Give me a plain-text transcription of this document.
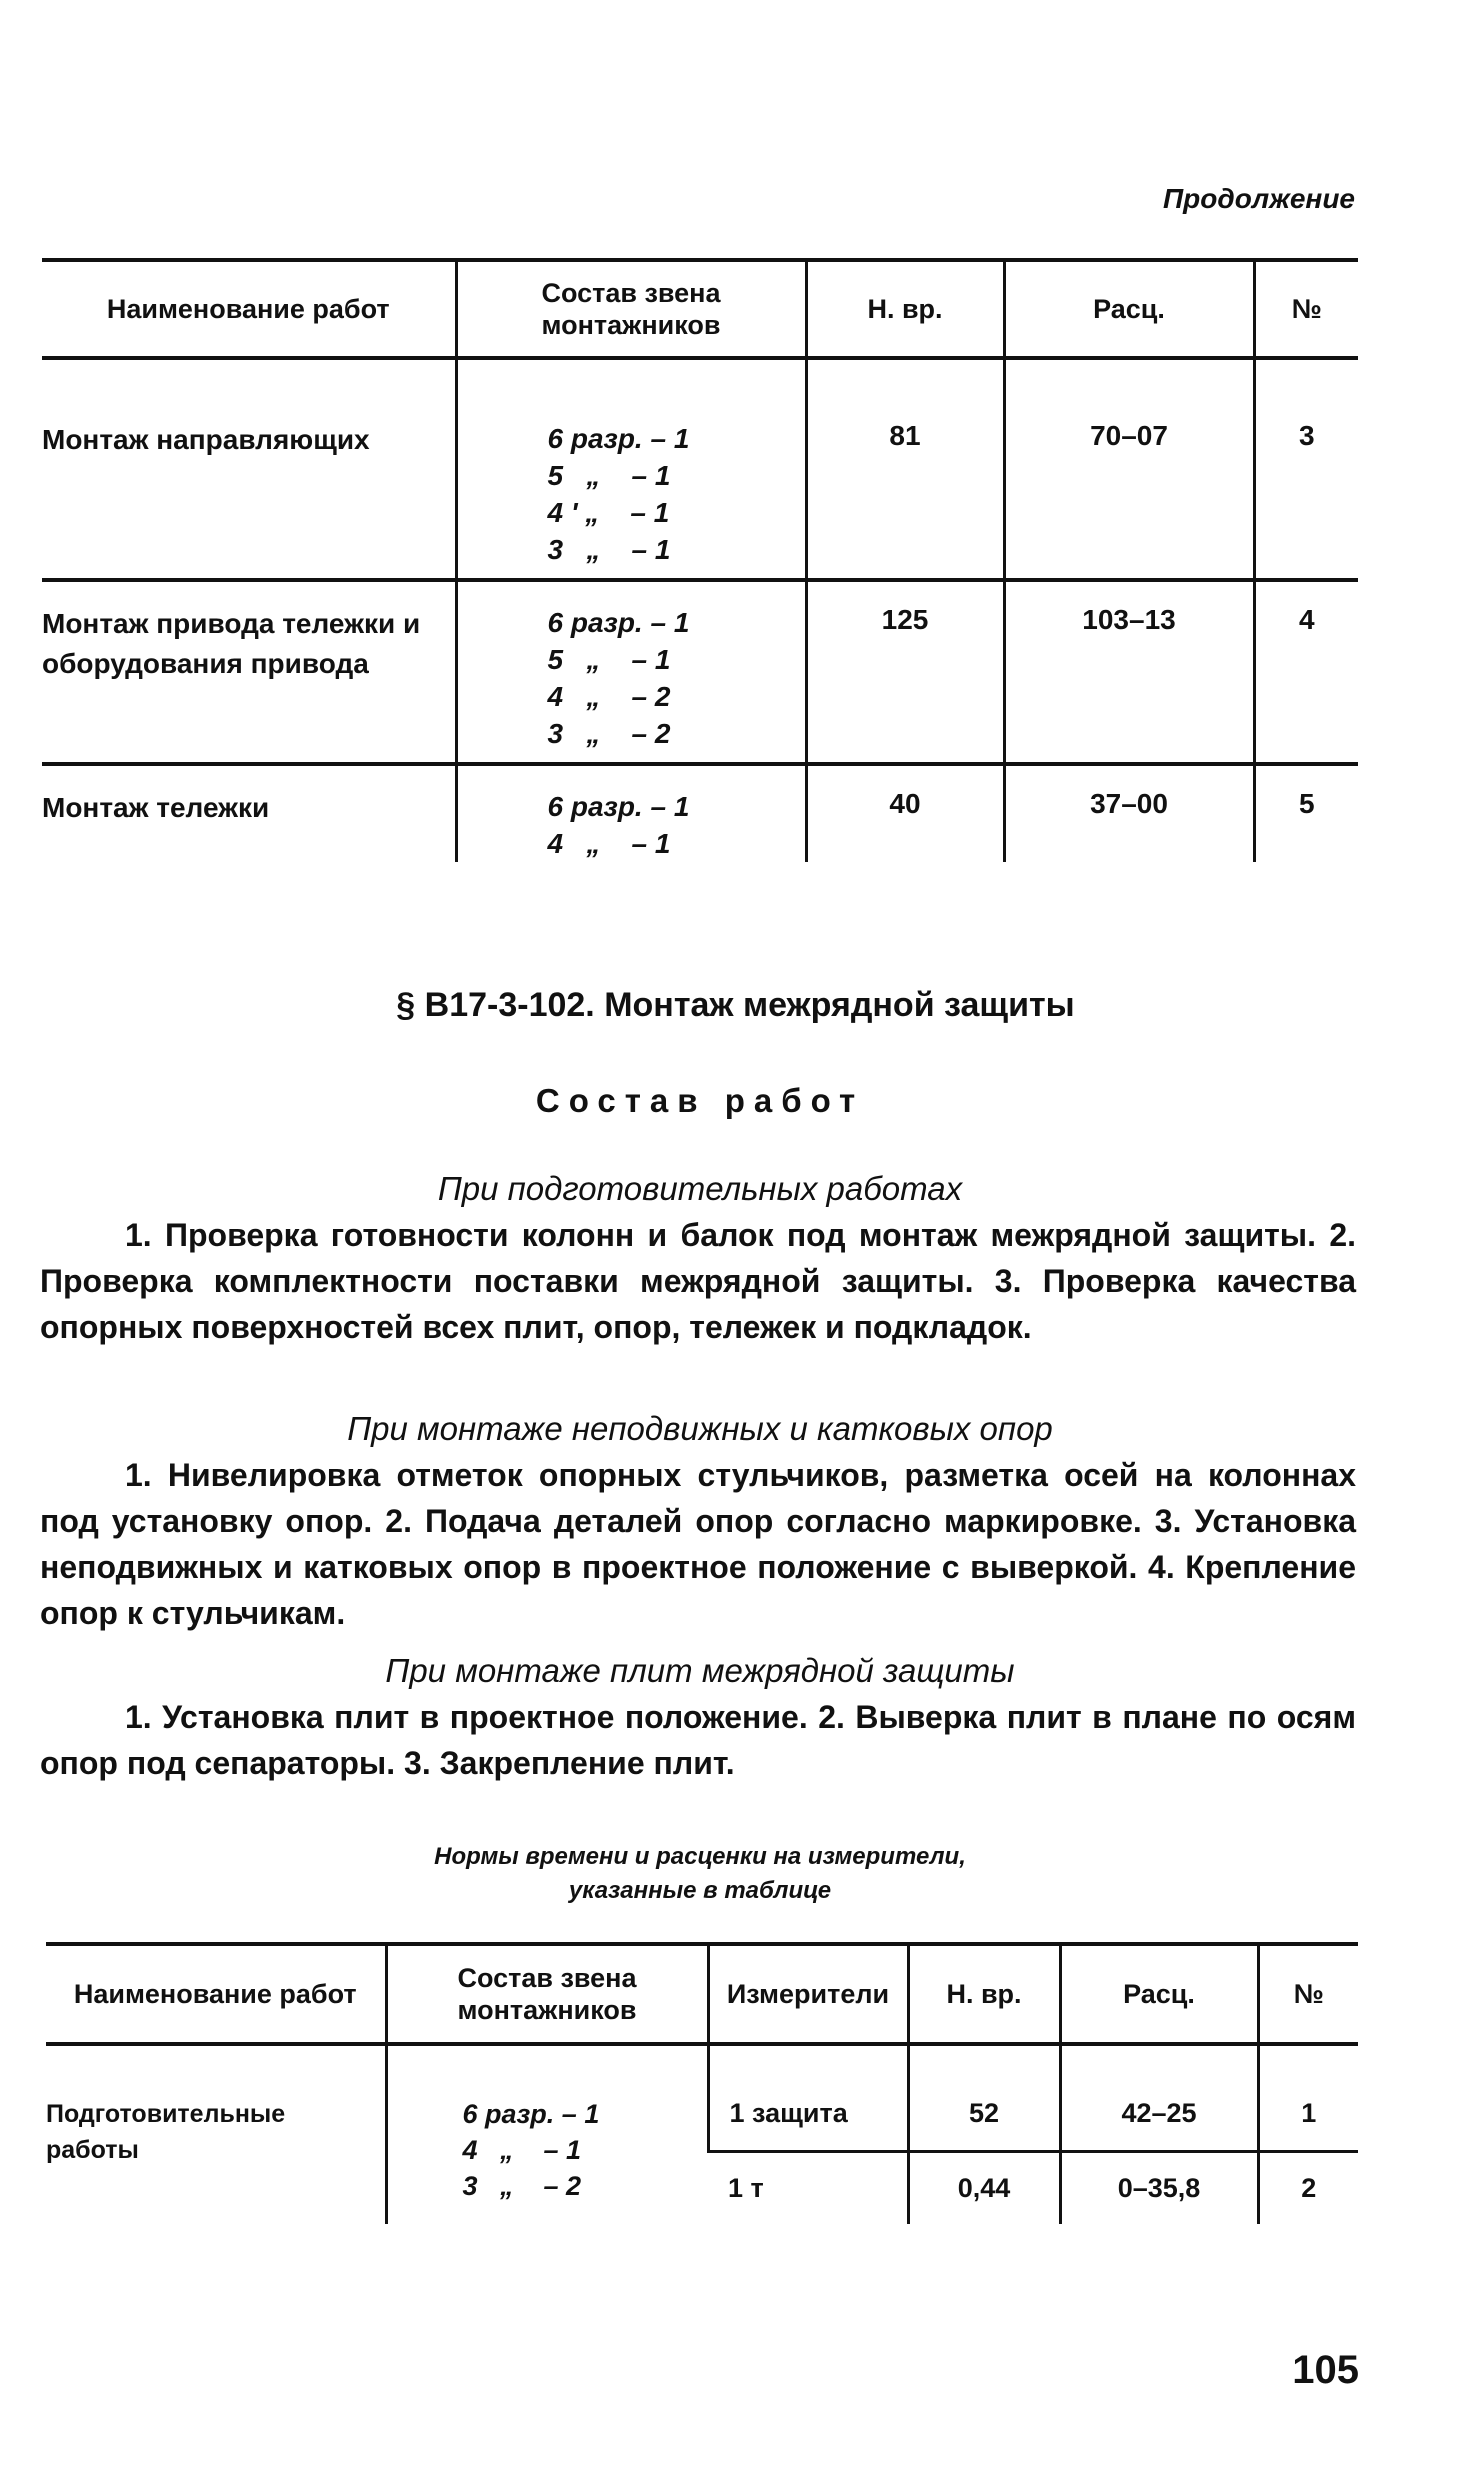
Продолжение
Наименование работ	Состав звена монтажников	Н. вр.	Расц.	№
Монтаж направляющих	6 разр. – 1
5   „    – 1
4 ' „    – 1
3   „    – 1	81	70–07	3
Монтаж привода тележки и оборудования привода	6 разр. – 1
5   „    – 1
4   „    – 2
3   „    – 2	125	103–13	4
Монтаж тележки	6 разр. – 1
4   „    – 1	40	37–00	5
§ В17-3-102. Монтаж межрядной защиты
Состав работ
При подготовительных работах
1. Проверка готовности колонн и балок под монтаж межрядной защиты. 2. Проверка комплектности поставки межрядной защиты. 3. Проверка качества опорных поверхностей всех плит, опор, тележек и подкладок.
При монтаже неподвижных и катковых опор
1. Нивелировка отметок опорных стульчиков, разметка осей на колоннах под установку опор. 2. Подача деталей опор согласно маркировке. 3. Установка неподвижных и катковых опор в проектное положение с выверкой. 4. Крепление опор к стульчикам.
При монтаже плит межрядной защиты
1. Установка плит в проектное положение. 2. Выверка плит в плане по осям опор под сепараторы. 3. Закрепление плит.
Нормы времени и расценки на измерители,
указанные в таблице
Наименование работ	Состав звена монтажников	Измерители	Н. вр.	Расц.	№
Подготовительные работы	6 разр. – 1
4   „    – 1
3   „    – 2	1 защита	52	42–25	1
		1 т	0,44	0–35,8	2
105
